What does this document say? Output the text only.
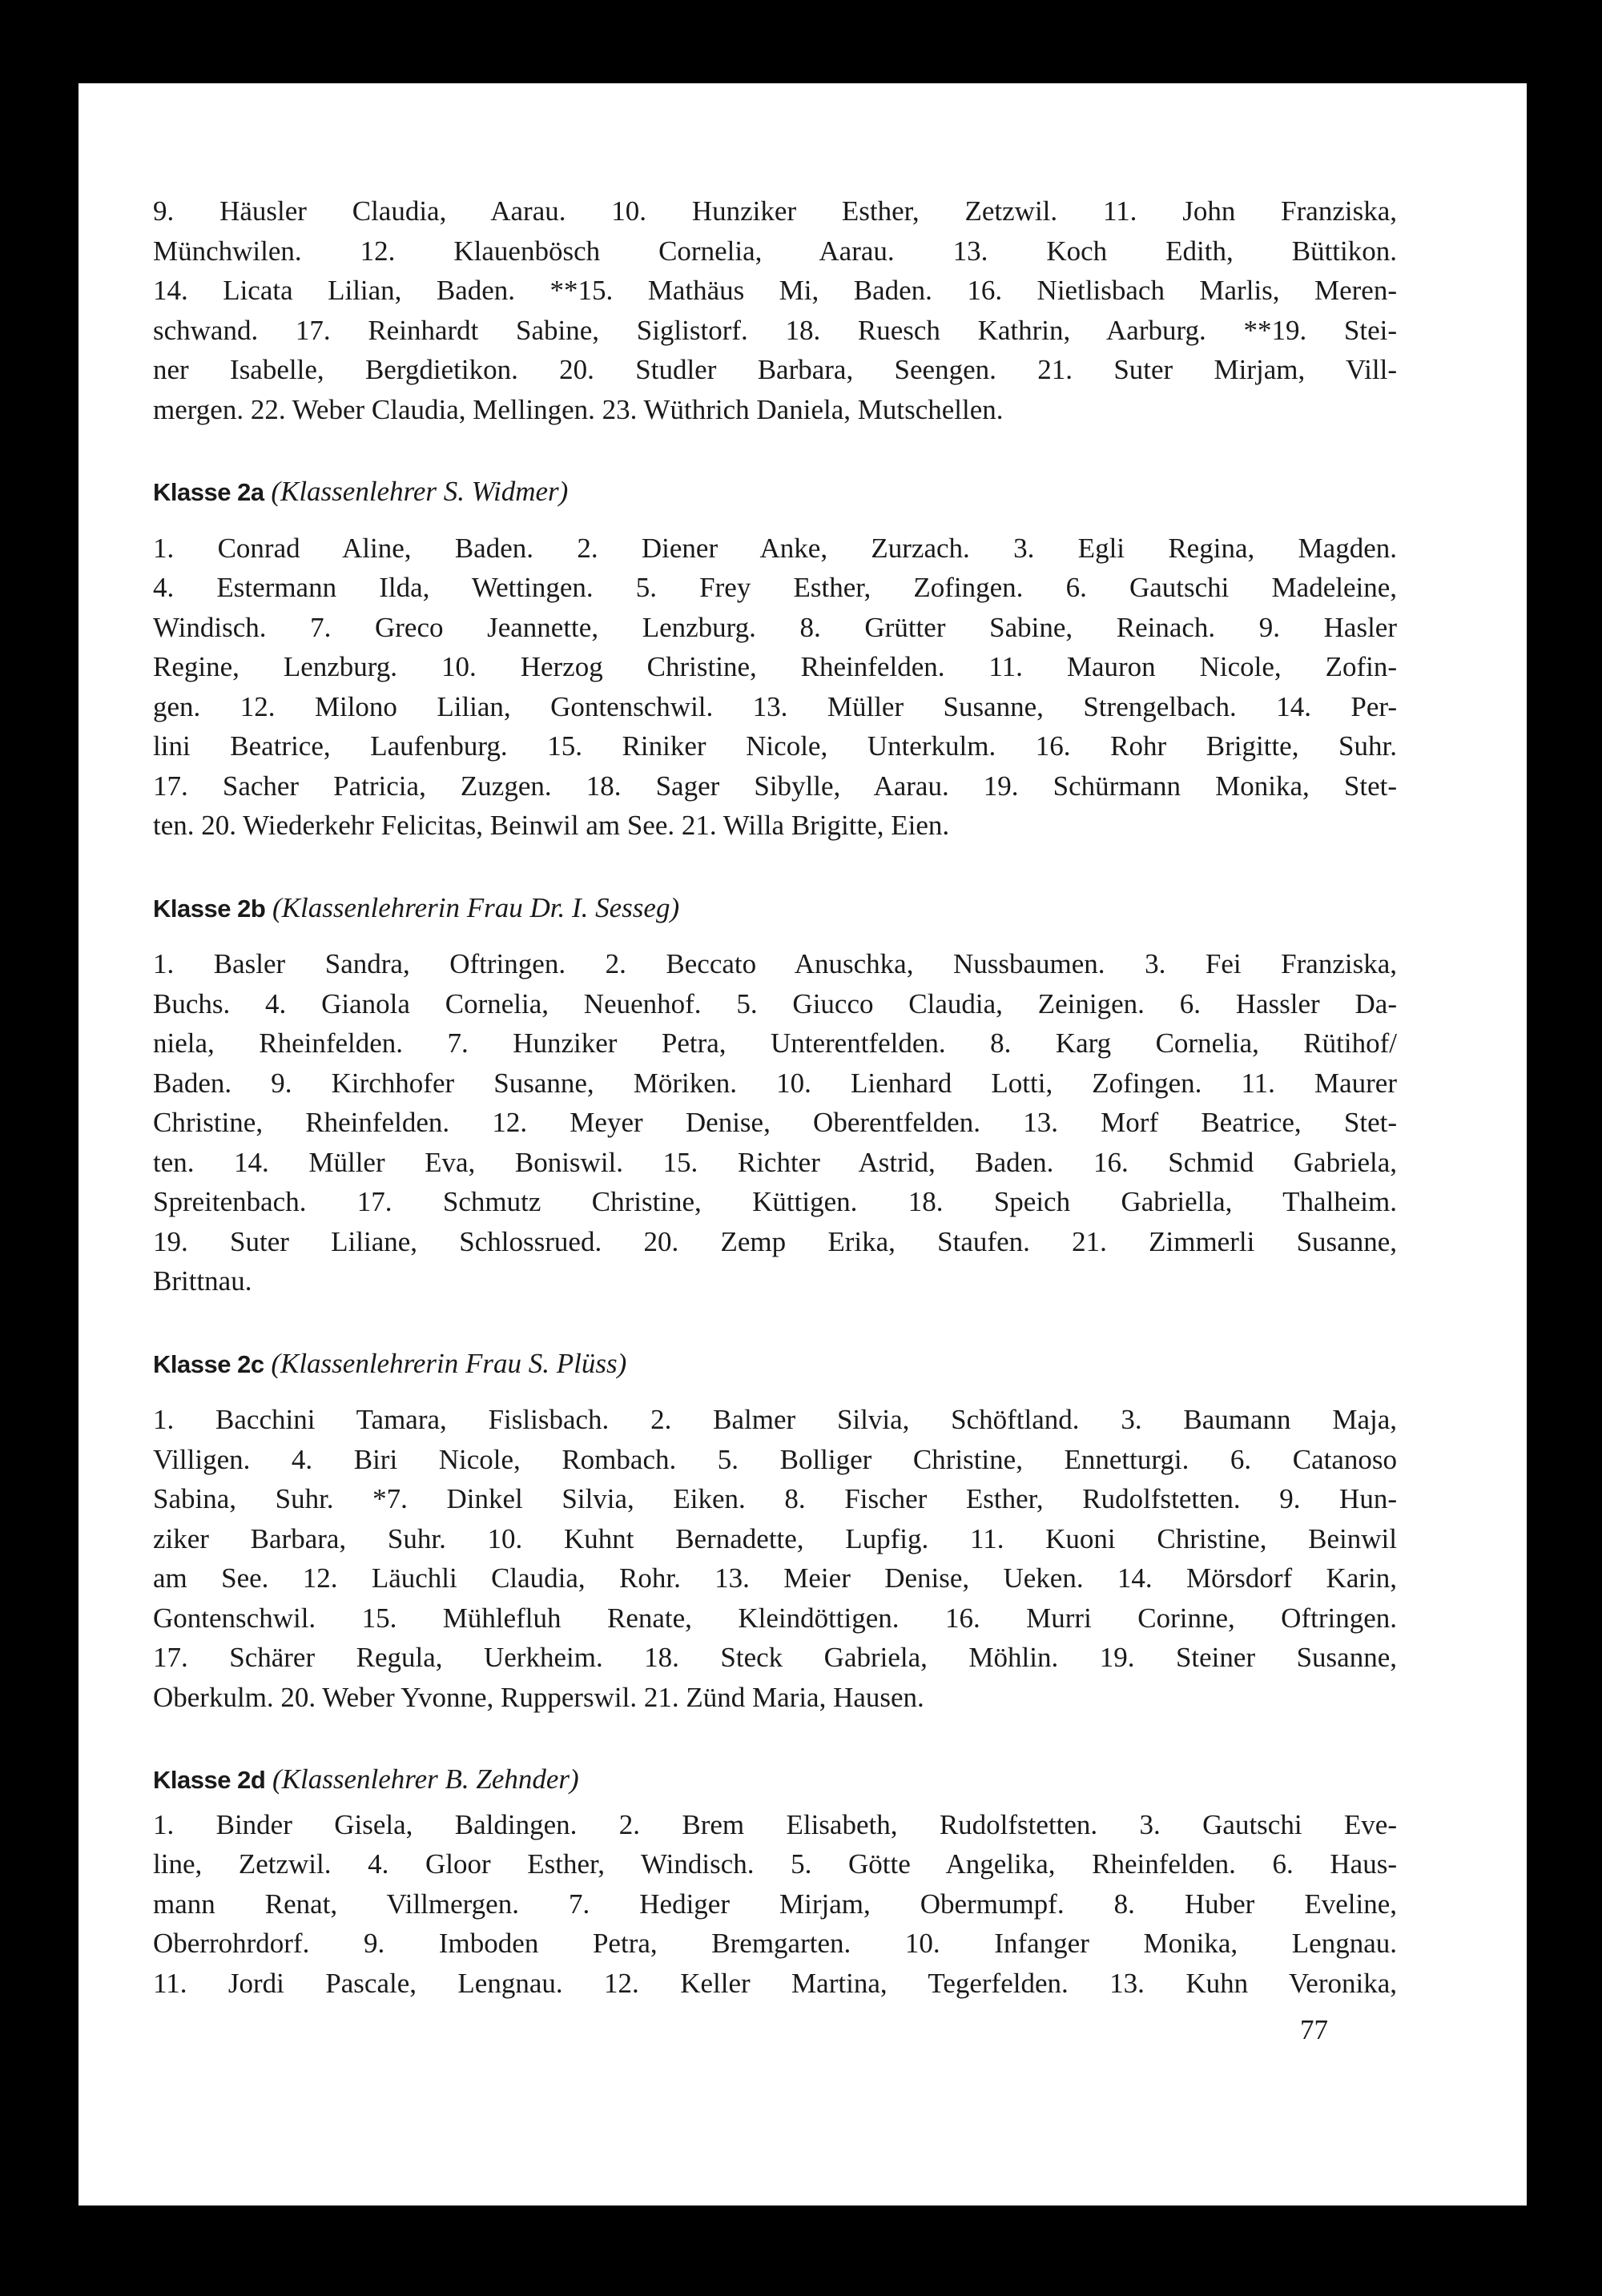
9. Häusler Claudia, Aarau. 10. Hunziker Esther, Zetzwil. 11. John Franziska,
Münchwilen. 12. Klauenbösch Cornelia, Aarau. 13. Koch Edith, Büttikon.
14. Licata Lilian, Baden. **15. Mathäus Mi, Baden. 16. Nietlisbach Marlis, Meren-
schwand. 17. Reinhardt Sabine, Siglistorf. 18. Ruesch Kathrin, Aarburg. **19. Stei-
ner Isabelle, Bergdietikon. 20. Studler Barbara, Seengen. 21. Suter Mirjam, Vill-
mergen. 22. Weber Claudia, Mellingen. 23. Wüthrich Daniela, Mutschellen.

Klasse 2a (Klassenlehrer S. Widmer)

1. Conrad Aline, Baden. 2. Diener Anke, Zurzach. 3. Egli Regina, Magden.
4. Estermann Ilda, Wettingen. 5. Frey Esther, Zofingen. 6. Gautschi Madeleine,
Windisch. 7. Greco Jeannette, Lenzburg. 8. Grütter Sabine, Reinach. 9. Hasler
Regine, Lenzburg. 10. Herzog Christine, Rheinfelden. 11. Mauron Nicole, Zofin-
gen. 12. Milono Lilian, Gontenschwil. 13. Müller Susanne, Strengelbach. 14. Per-
lini Beatrice, Laufenburg. 15. Riniker Nicole, Unterkulm. 16. Rohr Brigitte, Suhr.
17. Sacher Patricia, Zuzgen. 18. Sager Sibylle, Aarau. 19. Schürmann Monika, Stet-
ten. 20. Wiederkehr Felicitas, Beinwil am See. 21. Willa Brigitte, Eien.

Klasse 2b (Klassenlehrerin Frau Dr. I. Sesseg)

1. Basler Sandra, Oftringen. 2. Beccato Anuschka, Nussbaumen. 3. Fei Franziska,
Buchs. 4. Gianola Cornelia, Neuenhof. 5. Giucco Claudia, Zeinigen. 6. Hassler Da-
niela, Rheinfelden. 7. Hunziker Petra, Unterentfelden. 8. Karg Cornelia, Rütihof/
Baden. 9. Kirchhofer Susanne, Möriken. 10. Lienhard Lotti, Zofingen. 11. Maurer
Christine, Rheinfelden. 12. Meyer Denise, Oberentfelden. 13. Morf Beatrice, Stet-
ten. 14. Müller Eva, Boniswil. 15. Richter Astrid, Baden. 16. Schmid Gabriela,
Spreitenbach. 17. Schmutz Christine, Küttigen. 18. Speich Gabriella, Thalheim.
19. Suter Liliane, Schlossrued. 20. Zemp Erika, Staufen. 21. Zimmerli Susanne,
Brittnau.

Klasse 2c (Klassenlehrerin Frau S. Plüss)

1. Bacchini Tamara, Fislisbach. 2. Balmer Silvia, Schöftland. 3. Baumann Maja,
Villigen. 4. Biri Nicole, Rombach. 5. Bolliger Christine, Ennetturgi. 6. Catanoso
Sabina, Suhr. *7. Dinkel Silvia, Eiken. 8. Fischer Esther, Rudolfstetten. 9. Hun-
ziker Barbara, Suhr. 10. Kuhnt Bernadette, Lupfig. 11. Kuoni Christine, Beinwil
am See. 12. Läuchli Claudia, Rohr. 13. Meier Denise, Ueken. 14. Mörsdorf Karin,
Gontenschwil. 15. Mühlefluh Renate, Kleindöttigen. 16. Murri Corinne, Oftringen.
17. Schärer Regula, Uerkheim. 18. Steck Gabriela, Möhlin. 19. Steiner Susanne,
Oberkulm. 20. Weber Yvonne, Rupperswil. 21. Zünd Maria, Hausen.

Klasse 2d (Klassenlehrer B. Zehnder)

1. Binder Gisela, Baldingen. 2. Brem Elisabeth, Rudolfstetten. 3. Gautschi Eve-
line, Zetzwil. 4. Gloor Esther, Windisch. 5. Götte Angelika, Rheinfelden. 6. Haus-
mann Renat, Villmergen. 7. Hediger Mirjam, Obermumpf. 8. Huber Eveline,
Oberrohrdorf. 9. Imboden Petra, Bremgarten. 10. Infanger Monika, Lengnau.
11. Jordi Pascale, Lengnau. 12. Keller Martina, Tegerfelden. 13. Kuhn Veronika,

77
